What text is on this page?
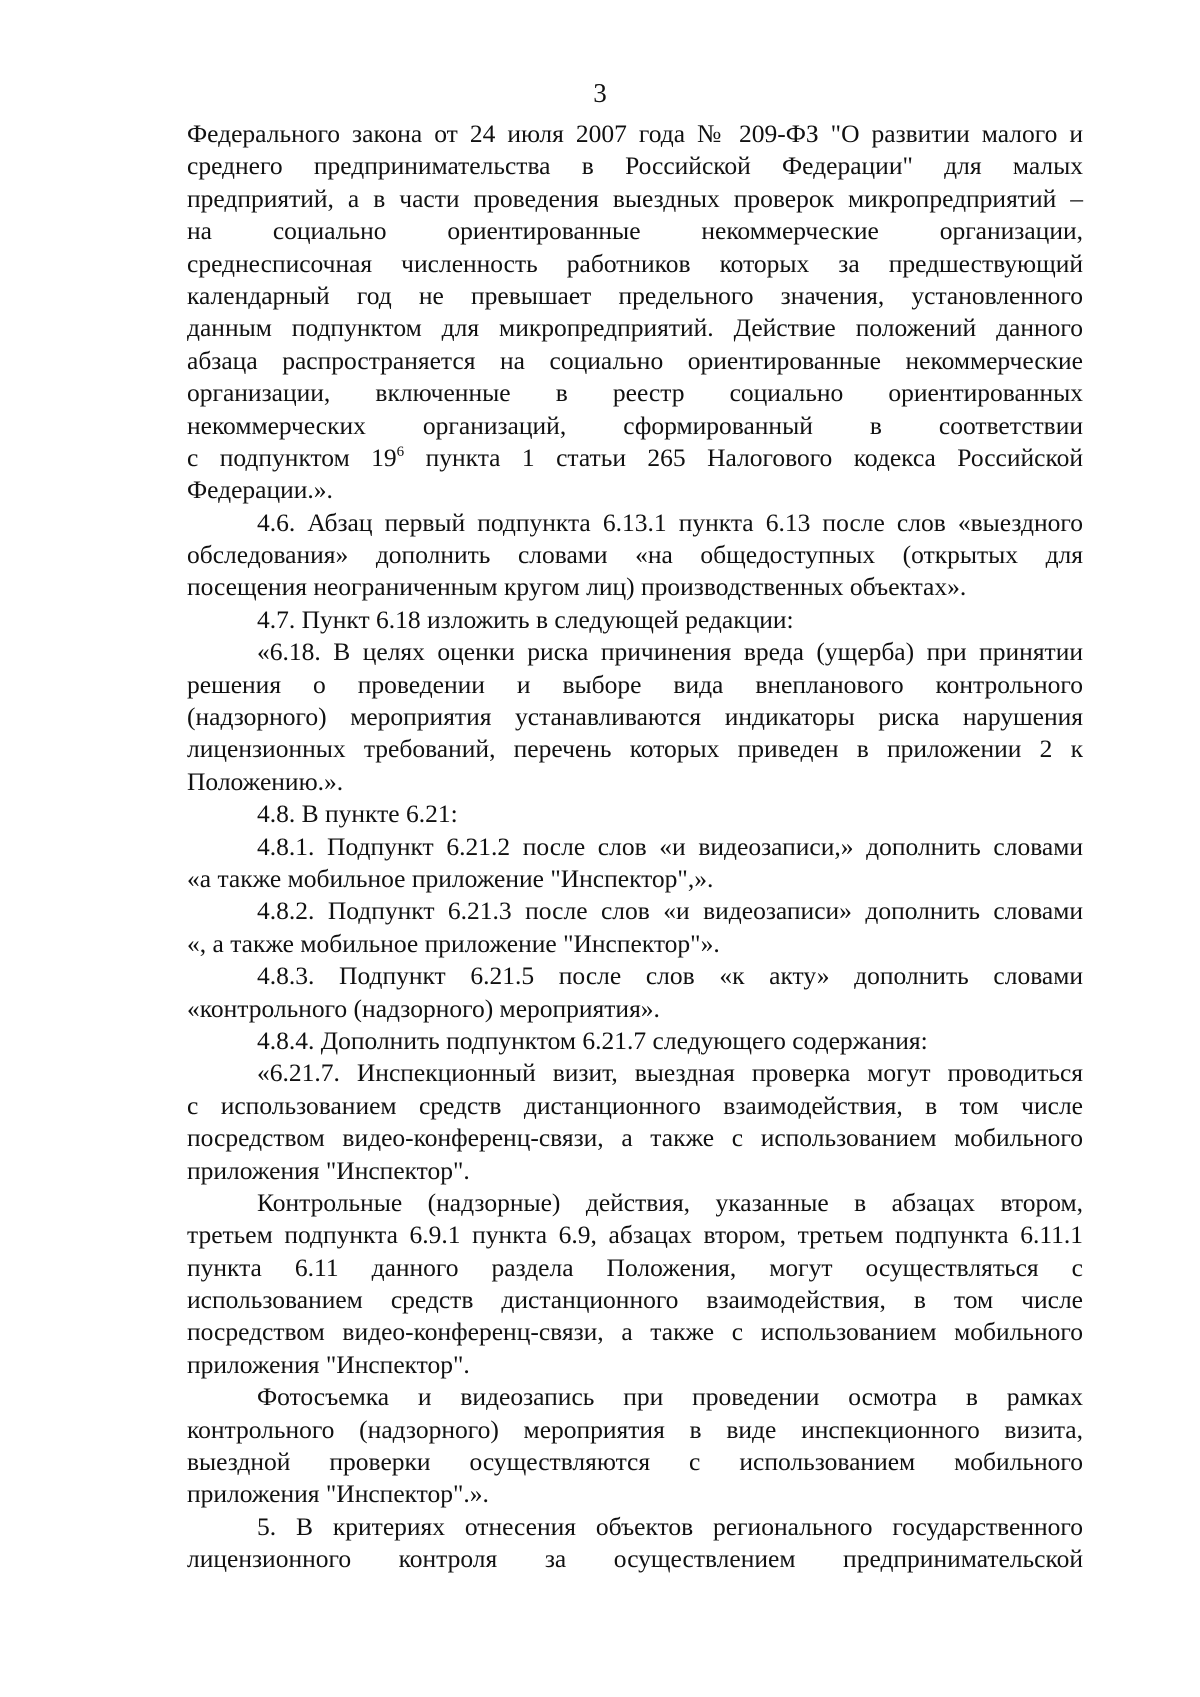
3
Федерального закона от 24 июля 2007 года № 209-ФЗ "О развитии малого и
среднего предпринимательства в Российской Федерации" для малых
предприятий, а в части проведения выездных проверок микропредприятий –
на социально ориентированные некоммерческие организации,
среднесписочная численность работников которых за предшествующий
календарный год не превышает предельного значения, установленного
данным подпунктом для микропредприятий. Действие положений данного
абзаца распространяется на социально ориентированные некоммерческие
организации, включенные в реестр социально ориентированных
некоммерческих организаций, сформированный в соответствии
с подпунктом $19^6$ пункта 1 статьи 265 Налогового кодекса Российской
Федерации.».
4.6. Абзац первый подпункта 6.13.1 пункта 6.13 после слов «выездного
обследования» дополнить словами «на общедоступных (открытых для
посещения неограниченным кругом лиц) производственных объектах».
4.7. Пункт 6.18 изложить в следующей редакции:
«6.18. В целях оценки риска причинения вреда (ущерба) при принятии
решения о проведении и выборе вида внепланового контрольного
(надзорного) мероприятия устанавливаются индикаторы риска нарушения
лицензионных требований, перечень которых приведен в приложении 2 к
Положению.».
4.8. В пункте 6.21:
4.8.1. Подпункт 6.21.2 после слов «и видеозаписи,» дополнить словами
«а также мобильное приложение "Инспектор",».
4.8.2. Подпункт 6.21.3 после слов «и видеозаписи» дополнить словами
«, а также мобильное приложение "Инспектор"».
4.8.3. Подпункт 6.21.5 после слов «к акту» дополнить словами
«контрольного (надзорного) мероприятия».
4.8.4. Дополнить подпунктом 6.21.7 следующего содержания:
«6.21.7. Инспекционный визит, выездная проверка могут проводиться
с использованием средств дистанционного взаимодействия, в том числе
посредством видео-конференц-связи, а также с использованием мобильного
приложения "Инспектор".
Контрольные (надзорные) действия, указанные в абзацах втором,
третьем подпункта 6.9.1 пункта 6.9, абзацах втором, третьем подпункта 6.11.1
пункта 6.11 данного раздела Положения, могут осуществляться с
использованием средств дистанционного взаимодействия, в том числе
посредством видео-конференц-связи, а также с использованием мобильного
приложения "Инспектор".
Фотосъемка и видеозапись при проведении осмотра в рамках
контрольного (надзорного) мероприятия в виде инспекционного визита,
выездной проверки осуществляются с использованием мобильного
приложения "Инспектор".».
5. В критериях отнесения объектов регионального государственного
лицензионного контроля за осуществлением предпринимательской
